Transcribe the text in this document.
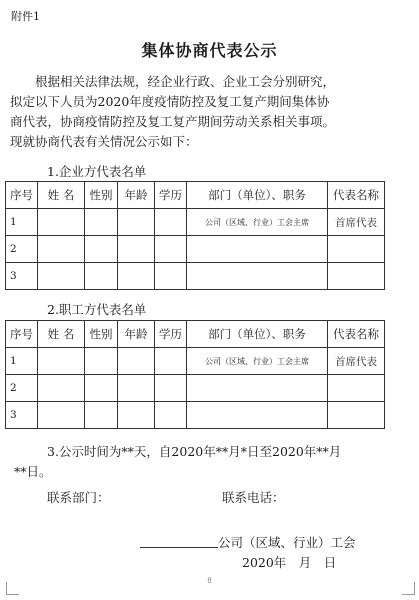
附件1
集体协商代表公示

根据相关法律法规，经企业行政、企业工会分别研究，

拟定以下人员为2020年度疫情防控及复工复产期间集体协

商代表，协商疫情防控及复工复产期间劳动关系相关事项。

现就协商代表有关情况公示如下：

1.企业方代表名单
序号	姓 名	性别	年龄	学历	部门（单位）、职务	代表名称
1					公司（区域、行业）工会主席	首席代表
2						
3						
2.职工方代表名单
序号	姓 名	性别	年龄	学历	部门（单位）、职务	代表名称
1					公司（区域、行业）工会主席	首席代表
2						
3						
3.公示时间为**天，自2020年**月*日至2020年**月
**日。
联系部门：	联系电话：
公司（区域、行业）工会
2020年　月　日
8
